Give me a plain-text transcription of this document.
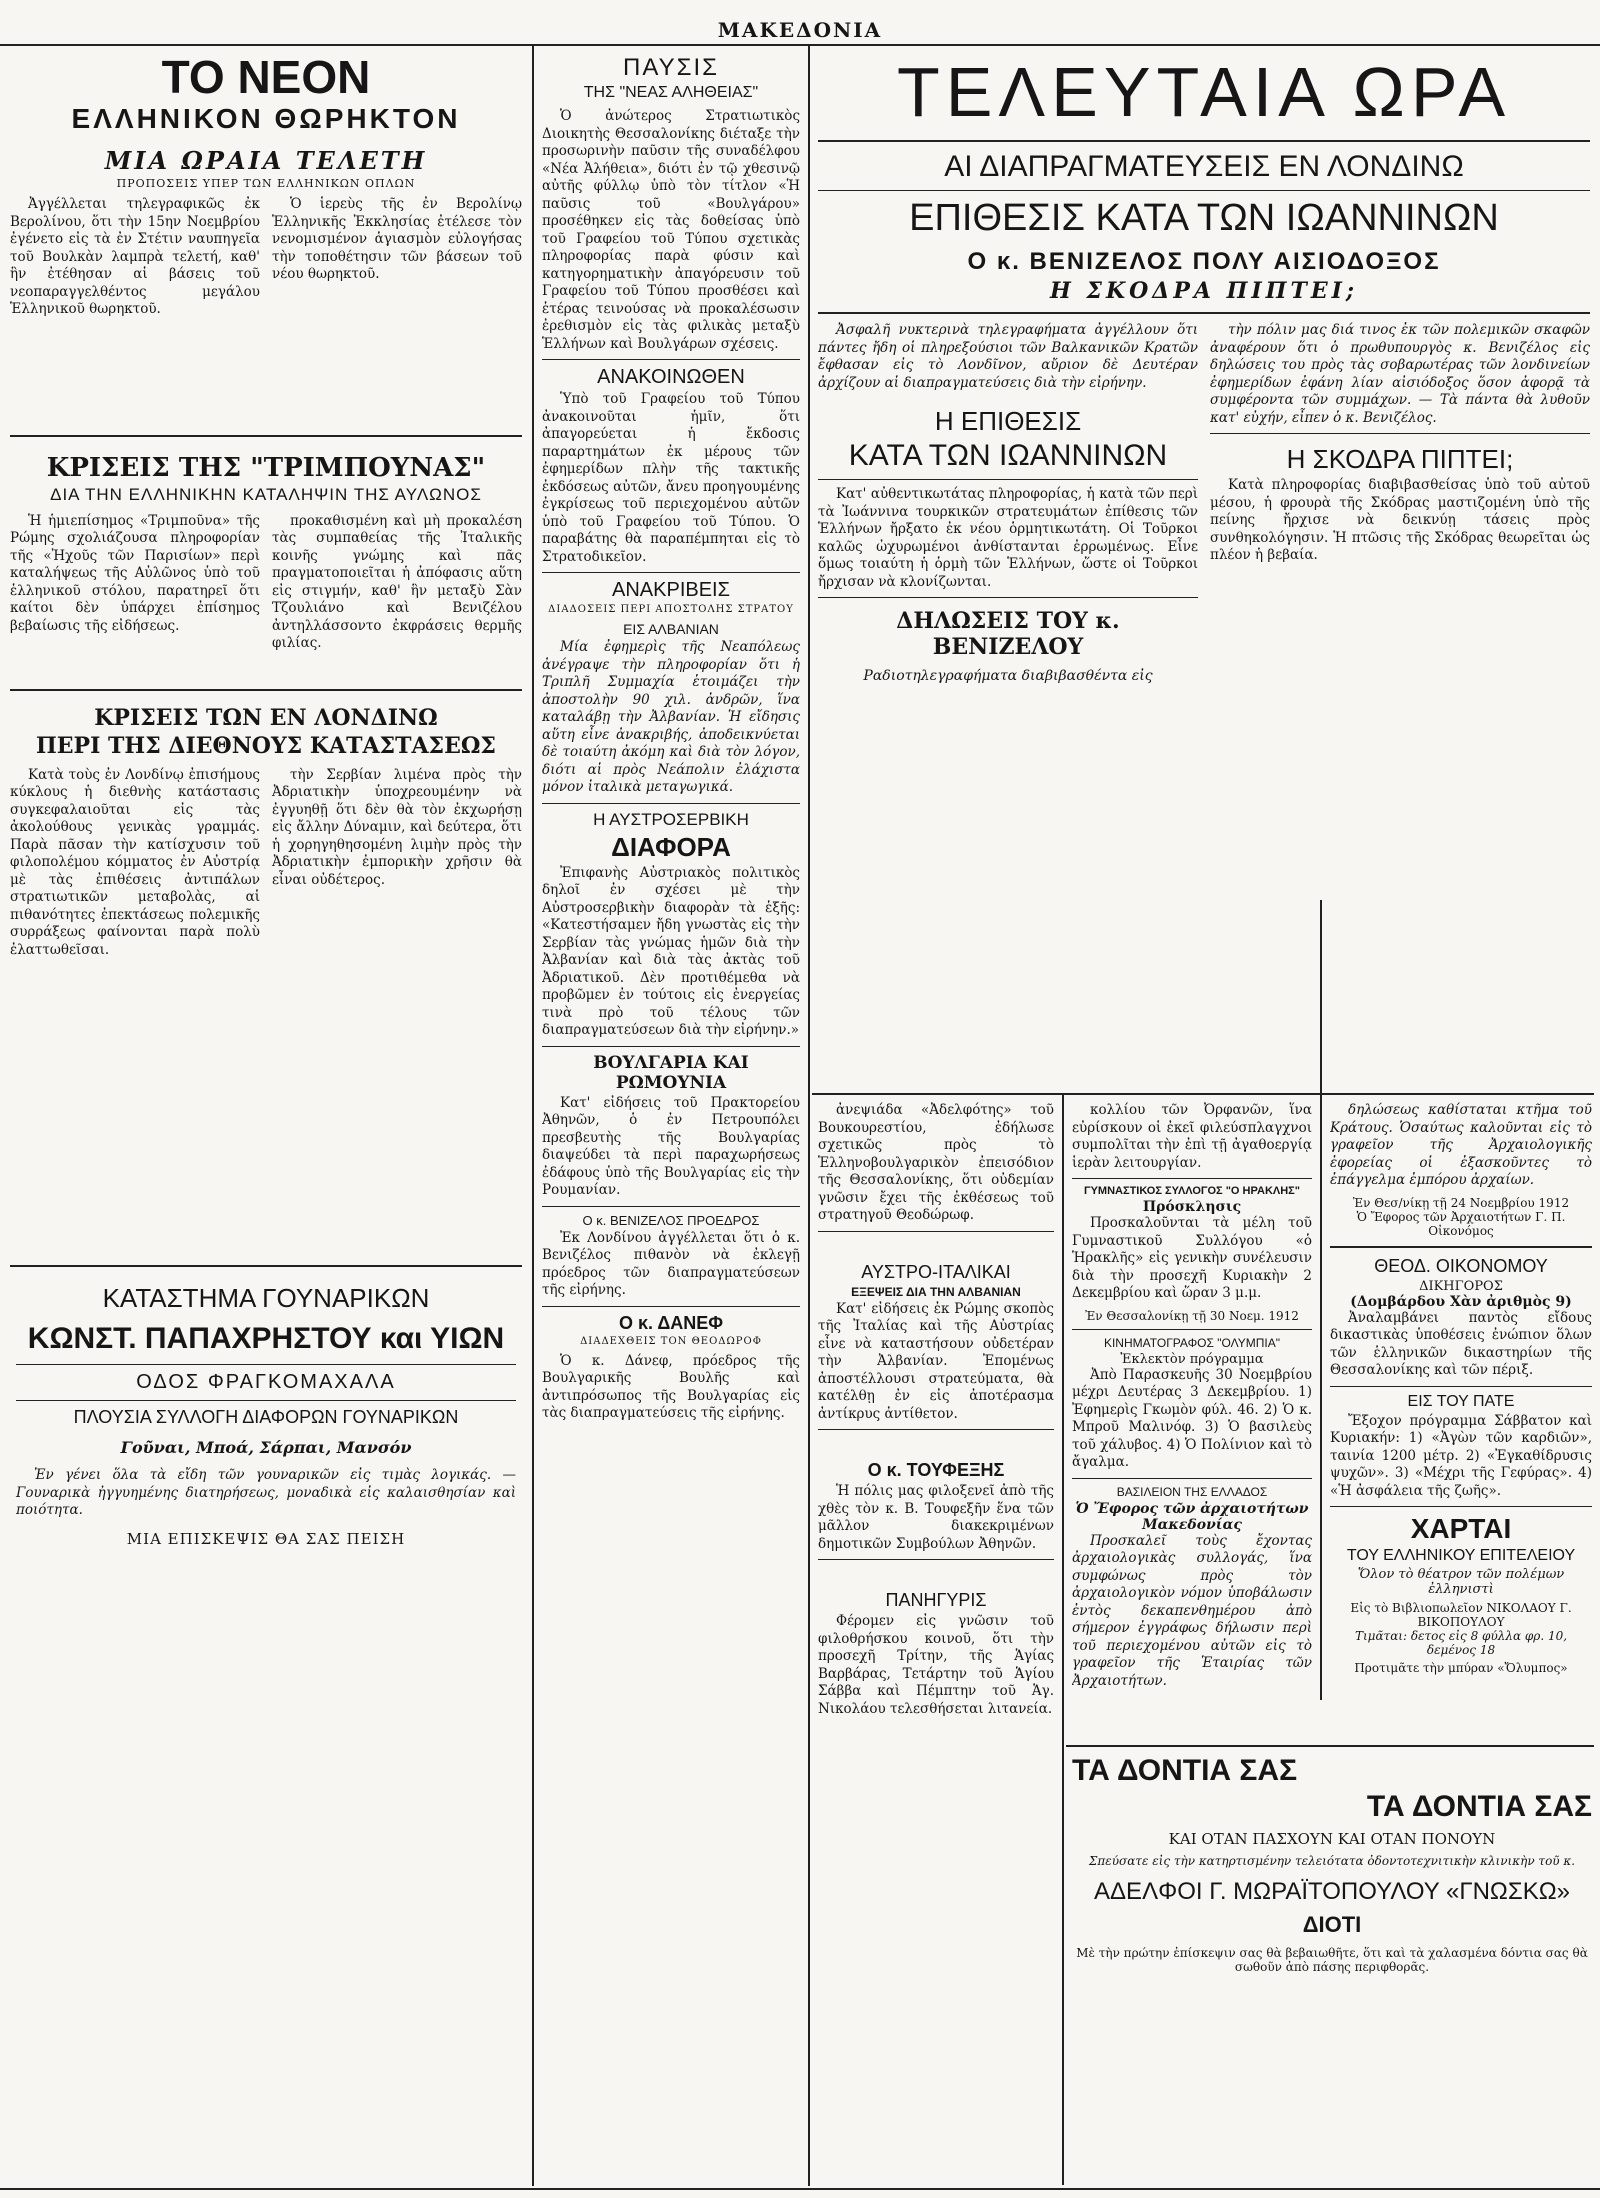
ΜΑΚΕΔΟΝΙΑ
ΤΟ ΝΕΟΝ
ΕΛΛΗΝΙΚΟΝ ΘΩΡΗΚΤΟΝ
ΜΙΑ ΩΡΑΙΑ ΤΕΛΕΤΗ
ΠΡΟΠΟΣΕΙΣ ΥΠΕΡ ΤΩΝ ΕΛΛΗΝΙΚΩΝ ΟΠΛΩΝ

Ἀγγέλλεται τηλεγραφικῶς ἐκ Βερολίνου, ὅτι τὴν 15ην Νοεμβρίου ἐγένετο εἰς τὰ ἐν Στέτιν ναυπηγεῖα τοῦ Βουλκὰν λαμπρὰ τελετή, καθ' ἣν ἐτέθησαν αἱ βάσεις τοῦ νεοπαραγγελθέντος μεγάλου Ἑλληνικοῦ θωρηκτοῦ.

Ὁ ἱερεὺς τῆς ἐν Βερολίνῳ Ἑλληνικῆς Ἐκκλησίας ἐτέλεσε τὸν νενομισμένον ἁγιασμὸν εὐλογήσας τὴν τοποθέτησιν τῶν βάσεων τοῦ νέου θωρηκτοῦ.

ΚΡΙΣΕΙΣ ΤΗΣ "ΤΡΙΜΠΟΥΝΑΣ"
ΔΙΑ ΤΗΝ ΕΛΛΗΝΙΚΗΝ ΚΑΤΑΛΗΨΙΝ ΤΗΣ ΑΥΛΩΝΟΣ

Ἡ ἡμιεπίσημος «Τριμποῦνα» τῆς Ρώμης σχολιάζουσα πληροφορίαν τῆς «Ἠχοῦς τῶν Παρισίων» περὶ καταλήψεως τῆς Αὐλῶνος ὑπὸ τοῦ ἑλληνικοῦ στόλου, παρατηρεῖ ὅτι καίτοι δὲν ὑπάρχει ἐπίσημος βεβαίωσις τῆς εἰδήσεως.

προκαθισμένη καὶ μὴ προκαλέση τὰς συμπαθείας τῆς Ἰταλικῆς κοινῆς γνώμης καὶ πᾶς πραγματοποιεῖται ἡ ἀπόφασις αὕτη εἰς στιγμήν, καθ' ἣν μεταξὺ Σὰν Τζουλιάνο καὶ Βενιζέλου ἀντηλλάσσοντο ἐκφράσεις θερμῆς φιλίας.

ΚΡΙΣΕΙΣ ΤΩΝ ΕΝ ΛΟΝΔΙΝΩ
ΠΕΡΙ ΤΗΣ ΔΙΕΘΝΟΥΣ ΚΑΤΑΣΤΑΣΕΩΣ

Κατὰ τοὺς ἐν Λονδίνῳ ἐπισήμους κύκλους ἡ διεθνὴς κατάστασις συγκεφαλαιοῦται εἰς τὰς ἀκολούθους γενικὰς γραμμάς. Παρὰ πᾶσαν τὴν κατίσχυσιν τοῦ φιλοπολέμου κόμματος ἐν Αὐστρίᾳ μὲ τὰς ἐπιθέσεις ἀντιπάλων στρατιωτικῶν μεταβολὰς, αἱ πιθανότητες ἐπεκτάσεως πολεμικῆς συρράξεως φαίνονται παρὰ πολὺ ἐλαττωθεῖσαι.

τὴν Σερβίαν λιμένα πρὸς τὴν Ἀδριατικὴν ὑποχρεουμένην νὰ ἐγγυηθῇ ὅτι δὲν θὰ τὸν ἐκχωρήσῃ εἰς ἄλλην Δύναμιν, καὶ δεύτερα, ὅτι ἡ χορηγηθησομένη λιμὴν πρὸς τὴν Ἀδριατικὴν ἐμπορικὴν χρῆσιν θὰ εἶναι οὐδέτερος.

ΚΑΤΑΣΤΗΜΑ ΓΟΥΝΑΡΙΚΩΝ
ΚΩΝΣΤ. ΠΑΠΑΧΡΗΣΤΟΥ και ΥΙΩΝ
ΟΔΟΣ ΦΡΑΓΚΟΜΑΧΑΛΑ
ΠΛΟΥΣΙΑ ΣΥΛΛΟΓΗ ΔΙΑΦΟΡΩΝ ΓΟΥΝΑΡΙΚΩΝ
Γοῦναι, Μποά, Σάρπαι, Μανσόν

Ἐν γένει ὅλα τὰ εἴδη τῶν γουναρικῶν εἰς τιμὰς λογικάς. — Γουναρικὰ ἠγγυημένης διατηρήσεως, μοναδικὰ εἰς καλαισθησίαν καὶ ποιότητα.

ΜΙΑ ΕΠΙΣΚΕΨΙΣ ΘΑ ΣΑΣ ΠΕΙΣΗ
ΠΑΥΣΙΣ
ΤΗΣ "ΝΕΑΣ ΑΛΗΘΕΙΑΣ"

Ὁ ἀνώτερος Στρατιωτικὸς Διοικητὴς Θεσσαλονίκης διέταξε τὴν προσωρινὴν παῦσιν τῆς συναδέλφου «Νέα Ἀλήθεια», διότι ἐν τῷ χθεσινῷ αὐτῆς φύλλῳ ὑπὸ τὸν τίτλον «Ἡ παῦσις τοῦ «Βουλγάρου» προσέθηκεν εἰς τὰς δοθείσας ὑπὸ τοῦ Γραφείου τοῦ Τύπου σχετικὰς πληροφορίας παρὰ φύσιν καὶ κατηγορηματικὴν ἀπαγόρευσιν τοῦ Γραφείου τοῦ Τύπου προσθέσει καὶ ἑτέρας τεινούσας νὰ προκαλέσωσιν ἐρεθισμὸν εἰς τὰς φιλικὰς μεταξὺ Ἑλλήνων καὶ Βουλγάρων σχέσεις.

ΑΝΑΚΟΙΝΩΘΕΝ

Ὑπὸ τοῦ Γραφείου τοῦ Τύπου ἀνακοινοῦται ἡμῖν, ὅτι ἀπαγορεύεται ἡ ἔκδοσις παραρτημάτων ἐκ μέρους τῶν ἐφημερίδων πλὴν τῆς τακτικῆς ἐκδόσεως αὐτῶν, ἄνευ προηγουμένης ἐγκρίσεως τοῦ περιεχομένου αὐτῶν ὑπὸ τοῦ Γραφείου τοῦ Τύπου. Ὁ παραβάτης θὰ παραπέμπηται εἰς τὸ Στρατοδικεῖον.

ΑΝΑΚΡΙΒΕΙΣ
ΔΙΑΔΟΣΕΙΣ ΠΕΡΙ ΑΠΟΣΤΟΛΗΣ ΣΤΡΑΤΟΥ
ΕΙΣ ΑΛΒΑΝΙΑΝ

Μία ἐφημερὶς τῆς Νεαπόλεως ἀνέγραψε τὴν πληροφορίαν ὅτι ἡ Τριπλῆ Συμμαχία ἑτοιμάζει τὴν ἀποστολὴν 90 χιλ. ἀνδρῶν, ἵνα καταλάβῃ τὴν Ἀλβανίαν. Ἡ εἴδησις αὕτη εἶνε ἀνακριβής, ἀποδεικνύεται δὲ τοιαύτη ἀκόμη καὶ διὰ τὸν λόγον, διότι αἱ πρὸς Νεάπολιν ἐλάχιστα μόνον ἰταλικὰ μεταγωγικά.

Η ΑΥΣΤΡΟΣΕΡΒΙΚΗ
ΔΙΑΦΟΡΑ

Ἐπιφανὴς Αὐστριακὸς πολιτικὸς δηλοῖ ἐν σχέσει μὲ τὴν Αὐστροσερβικὴν διαφορὰν τὰ ἑξῆς: «Κατεστήσαμεν ἤδη γνωστὰς εἰς τὴν Σερβίαν τὰς γνώμας ἡμῶν διὰ τὴν Ἀλβανίαν καὶ διὰ τὰς ἀκτὰς τοῦ Ἀδριατικοῦ. Δὲν προτιθέμεθα νὰ προβῶμεν ἐν τούτοις εἰς ἐνεργείας τινὰ πρὸ τοῦ τέλους τῶν διαπραγματεύσεων διὰ τὴν εἰρήνην.»

ΒΟΥΛΓΑΡΙΑ ΚΑΙ ΡΩΜΟΥΝΙΑ

Κατ' εἰδήσεις τοῦ Πρακτορείου Ἀθηνῶν, ὁ ἐν Πετρουπόλει πρεσβευτὴς τῆς Βουλγαρίας διαψεύδει τὰ περὶ παραχωρήσεως ἐδάφους ὑπὸ τῆς Βουλγαρίας εἰς τὴν Ρουμανίαν.

Ο κ. ΒΕΝΙΖΕΛΟΣ ΠΡΟΕΔΡΟΣ

Ἐκ Λονδίνου ἀγγέλλεται ὅτι ὁ κ. Βενιζέλος πιθανὸν νὰ ἐκλεγῇ πρόεδρος τῶν διαπραγματεύσεων τῆς εἰρήνης.

Ο κ. ΔΑΝΕΦ
ΔΙΑΔΕΧΘΕΙΣ ΤΟΝ ΘΕΟΔΩΡΟΦ

Ὁ κ. Δάνεφ, πρόεδρος τῆς Βουλγαρικῆς Βουλῆς καὶ ἀντιπρόσωπος τῆς Βουλγαρίας εἰς τὰς διαπραγματεύσεις τῆς εἰρήνης.

ΤΕΛΕΥΤΑΙΑ ΩΡΑ
ΑΙ ΔΙΑΠΡΑΓΜΑΤΕΥΣΕΙΣ ΕΝ ΛΟΝΔΙΝΩ
ΕΠΙΘΕΣΙΣ ΚΑΤΑ ΤΩΝ ΙΩΑΝΝΙΝΩΝ
Ο κ. ΒΕΝΙΖΕΛΟΣ ΠΟΛΥ ΑΙΣΙΟΔΟΞΟΣ
Η ΣΚΟΔΡΑ ΠΙΠΤΕΙ;

Ἀσφαλῆ νυκτερινὰ τηλεγραφήματα ἀγγέλλουν ὅτι πάντες ἤδη οἱ πληρεξούσιοι τῶν Βαλκανικῶν Κρατῶν ἔφθασαν εἰς τὸ Λονδῖνον, αὔριον δὲ Δευτέραν ἀρχίζουν αἱ διαπραγματεύσεις διὰ τὴν εἰρήνην.

Η ΕΠΙΘΕΣΙΣ
ΚΑΤΑ ΤΩΝ ΙΩΑΝΝΙΝΩΝ

Κατ' αὐθεντικωτάτας πληροφορίας, ἡ κατὰ τῶν περὶ τὰ Ἰωάννινα τουρκικῶν στρατευμάτων ἐπίθεσις τῶν Ἑλλήνων ἤρξατο ἐκ νέου ὁρμητικωτάτη. Οἱ Τοῦρκοι καλῶς ὠχυρωμένοι ἀνθίστανται ἐρρωμένως. Εἶνε ὅμως τοιαύτη ἡ ὁρμὴ τῶν Ἑλλήνων, ὥστε οἱ Τοῦρκοι ἤρχισαν νὰ κλονίζωνται.

ΔΗΛΩΣΕΙΣ ΤΟΥ κ. ΒΕΝΙΖΕΛΟΥ
Ραδιοτηλεγραφήματα διαβιβασθέντα εἰς

τὴν πόλιν μας διά τινος ἐκ τῶν πολεμικῶν σκαφῶν ἀναφέρουν ὅτι ὁ πρωθυπουργὸς κ. Βενιζέλος εἰς δηλώσεις του πρὸς τὰς σοβαρωτέρας τῶν λονδινείων ἐφημερίδων ἐφάνη λίαν αἰσιόδοξος ὅσον ἀφορᾷ τὰ συμφέροντα τῶν συμμάχων. — Τὰ πάντα θὰ λυθοῦν κατ' εὐχήν, εἶπεν ὁ κ. Βενιζέλος.

Η ΣΚΟΔΡΑ ΠΙΠΤΕΙ;

Κατὰ πληροφορίας διαβιβασθείσας ὑπὸ τοῦ αὐτοῦ μέσου, ἡ φρουρὰ τῆς Σκόδρας μαστιζομένη ὑπὸ τῆς πείνης ἤρχισε νὰ δεικνύῃ τάσεις πρὸς συνθηκολόγησιν. Ἡ πτῶσις τῆς Σκόδρας θεωρεῖται ὡς πλέον ἡ βεβαία.

ἀνεψιάδα «Ἀδελφότης» τοῦ Βουκουρεστίου, ἐδήλωσε σχετικῶς πρὸς τὸ Ἑλληνοβουλγαρικὸν ἐπεισόδιον τῆς Θεσσαλονίκης, ὅτι οὐδεμίαν γνῶσιν ἔχει τῆς ἐκθέσεως τοῦ στρατηγοῦ Θεοδώρωφ.

ΑΥΣΤΡΟ-ΙΤΑΛΙΚΑΙ
ΕΞΕΨΕΙΣ ΔΙΑ ΤΗΝ ΑΛΒΑΝΙΑΝ

Κατ' εἰδήσεις ἐκ Ρώμης σκοπὸς τῆς Ἰταλίας καὶ τῆς Αὐστρίας εἶνε νὰ καταστήσουν οὐδετέραν τὴν Ἀλβανίαν. Ἐπομένως ἀποστέλλουσι στρατεύματα, θὰ κατέλθῃ ἐν εἰς ἀποτέρασμα ἀντίκρυς ἀντίθετον.

Ο κ. ΤΟΥΦΕΞΗΣ

Ἡ πόλις μας φιλοξενεῖ ἀπὸ τῆς χθὲς τὸν κ. Β. Τουφεξῆν ἕνα τῶν μᾶλλον διακεκριμένων δημοτικῶν Συμβούλων Ἀθηνῶν.

ΠΑΝΗΓΥΡΙΣ

Φέρομεν εἰς γνῶσιν τοῦ φιλοθρήσκου κοινοῦ, ὅτι τὴν προσεχῆ Τρίτην, τῆς Ἁγίας Βαρβάρας, Τετάρτην τοῦ Ἁγίου Σάββα καὶ Πέμπτην τοῦ Ἁγ. Νικολάου τελεσθήσεται λιτανεία.

κολλίου τῶν Ὀρφανῶν, ἵνα εὐρίσκουν οἱ ἐκεῖ φιλεύσπλαγχνοι συμπολῖται τὴν ἐπὶ τῇ ἀγαθοεργίᾳ ἱερὰν λειτουργίαν.

ΓΥΜΝΑΣΤΙΚΟΣ ΣΥΛΛΟΓΟΣ "Ο ΗΡΑΚΛΗΣ"
Πρόσκλησις

Προσκαλοῦνται τὰ μέλη τοῦ Γυμναστικοῦ Συλλόγου «ὁ Ἡρακλῆς» εἰς γενικὴν συνέλευσιν διὰ τὴν προσεχῆ Κυριακὴν 2 Δεκεμβρίου καὶ ὥραν 3 μ.μ.

Ἐν Θεσσαλονίκῃ τῇ 30 Νοεμ. 1912
ΚΙΝΗΜΑΤΟΓΡΑΦΟΣ "ΟΛΥΜΠΙΑ"
Ἐκλεκτὸν πρόγραμμα

Ἀπὸ Παρασκευῆς 30 Νοεμβρίου μέχρι Δευτέρας 3 Δεκεμβρίου. 1) Ἐφημερὶς Γκωμὸν φύλ. 46. 2) Ὁ κ. Μπροῦ Μαλινόφ. 3) Ὁ βασιλεὺς τοῦ χάλυβος. 4) Ὁ Πολίνιον καὶ τὸ ἄγαλμα.

ΒΑΣΙΛΕΙΟΝ ΤΗΣ ΕΛΛΑΔΟΣ
Ὁ Ἔφορος τῶν ἀρχαιοτήτων Μακεδονίας

Προσκαλεῖ τοὺς ἔχοντας ἀρχαιολογικὰς συλλογάς, ἵνα συμφώνως πρὸς τὸν ἀρχαιολογικὸν νόμον ὑποβάλωσιν ἐντὸς δεκαπενθημέρου ἀπὸ σήμερον ἐγγράφως δήλωσιν περὶ τοῦ περιεχομένου αὐτῶν εἰς τὸ γραφεῖον τῆς Ἑταιρίας τῶν Ἀρχαιοτήτων.

δηλώσεως καθίσταται κτῆμα τοῦ Κράτους. Ὁσαύτως καλοῦνται εἰς τὸ γραφεῖον τῆς Ἀρχαιολογικῆς ἐφορείας οἱ ἐξασκοῦντες τὸ ἐπάγγελμα ἐμπόρου ἀρχαίων.

Ἐν Θεσ/νίκῃ τῇ 24 Νοεμβρίου 1912
Ὁ Ἔφορος τῶν Ἀρχαιοτήτων Γ. Π. Οἰκονόμος
ΘΕΟΔ. ΟΙΚΟΝΟΜΟΥ
ΔΙΚΗΓΟΡΟΣ
(Δομβάρδου Χὰν ἀριθμὸς 9)

Ἀναλαμβάνει παντὸς εἴδους δικαστικὰς ὑποθέσεις ἐνώπιον ὅλων τῶν ἑλληνικῶν δικαστηρίων τῆς Θεσσαλονίκης καὶ τῶν πέριξ.

ΕΙΣ ΤΟΥ ΠΑΤΕ

Ἔξοχον πρόγραμμα Σάββατον καὶ Κυριακήν: 1) «Ἀγὼν τῶν καρδιῶν», ταινία 1200 μέτρ. 2) «Ἐγκαθίδρυσις ψυχῶν». 3) «Μέχρι τῆς Γεφύρας». 4) «Ἡ ἀσφάλεια τῆς ζωῆς».

ΧΑΡΤΑΙ
ΤΟΥ ΕΛΛΗΝΙΚΟΥ ΕΠΙΤΕΛΕΙΟΥ
Ὅλον τὸ θέατρον τῶν πολέμων ἐλληνιστὶ
Εἰς τὸ Βιβλιοπωλεῖον ΝΙΚΟΛΑΟΥ Γ. ΒΙΚΟΠΟΥΛΟΥ
Τιμᾶται: δετος εἰς 8 φύλλα φρ. 10, δεμένος 18
Προτιμᾶτε τὴν μπύραν «Ὄλυμπος»
ΤΑ ΔΟΝΤΙΑ ΣΑΣ
ΤΑ ΔΟΝΤΙΑ ΣΑΣ
ΚΑΙ ΟΤΑΝ ΠΑΣΧΟΥΝ ΚΑΙ ΟΤΑΝ ΠΟΝΟΥΝ
Σπεύσατε εἰς τὴν κατηρτισμένην τελειότατα ὀδοντοτεχνιτικὴν κλινικὴν τοῦ κ.
ΑΔΕΛΦΟΙ Γ. ΜΩΡΑΪΤΟΠΟΥΛΟΥ «ΓΝΩΣΚΩ»
ΔΙΟΤΙ
Μὲ τὴν πρώτην ἐπίσκεψιν σας θὰ βεβαιωθῆτε, ὅτι καὶ τὰ χαλασμένα δόντια σας θὰ σωθοῦν ἀπὸ πάσης περιφθορᾶς.
